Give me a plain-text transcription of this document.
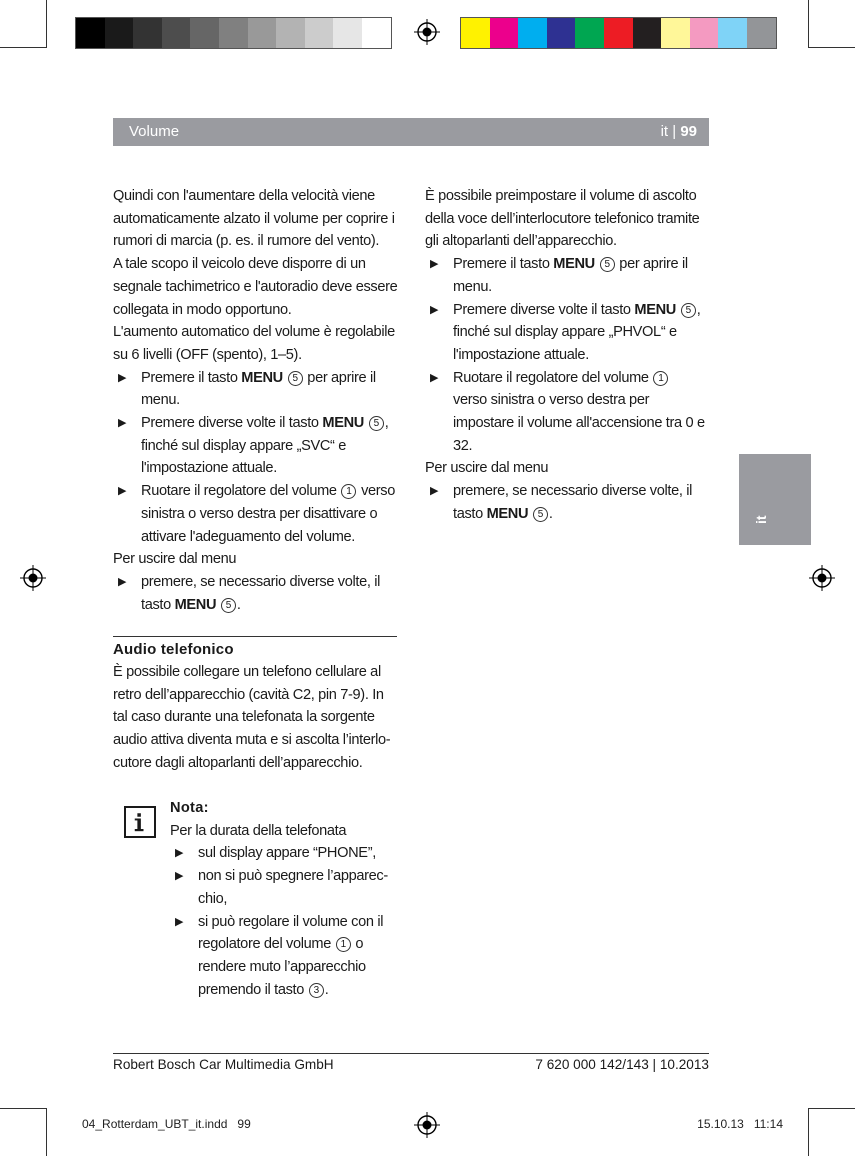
Volume	it | 99
it

Quindi con l'aumentare della velocità viene automaticamente alzato il volume per coprire i rumori di marcia (p. es. il rumore del vento).

A tale scopo il veicolo deve disporre di un segnale tachimetrico e l'autoradio deve essere collegata in modo opportuno.

L'aumento automatico del volume è regolabile su 6 livelli (OFF (spento), 1–5).

▶ Premere il tasto MENU 5 per aprire il menu.

▶ Premere diverse volte il tasto MENU 5 , finché sul display appare „SVC“ e l'impostazione attuale.

▶ Ruotare il regolatore del volume 1 verso sinistra o verso destra per disattivare o attivare l'adeguamento del volume.

Per uscire dal menu

▶ premere, se necessario diverse volte, il tasto MENU 5 .

Audio telefonico

È possibile collegare un telefono cellulare al retro dell’apparecchio (cavità C2, pin 7-9). In tal caso durante una telefonata la sorgente audio attiva diventa muta e si ascolta l’interlo-cutore dagli altoparlanti dell’apparecchio.

Nota:

Per la durata della telefonata

▶ sul display appare “PHONE”,

▶ non si può spegnere l’apparec-chio,

▶ si può regolare il volume con il regolatore del volume 1 o rendere muto l’apparecchio premendo il tasto 3 .

È possibile preimpostare il volume di ascolto della voce dell’interlocutore telefonico tramite gli altoparlanti dell’apparecchio.

▶ Premere il tasto MENU 5 per aprire il menu.

▶ Premere diverse volte il tasto MENU 5 , finché sul display appare „PHVOL“ e l'impostazione attuale.

▶ Ruotare il regolatore del volume 1 verso sinistra o verso destra per impostare il volume all'accensione tra 0 e 32.

Per uscire dal menu

▶ premere, se necessario diverse volte, il tasto MENU 5 .

Robert Bosch Car Multimedia GmbH	7 620 000 142/143 | 10.2013
04_Rotterdam_UBT_it.indd   99	15.10.13   11:14
